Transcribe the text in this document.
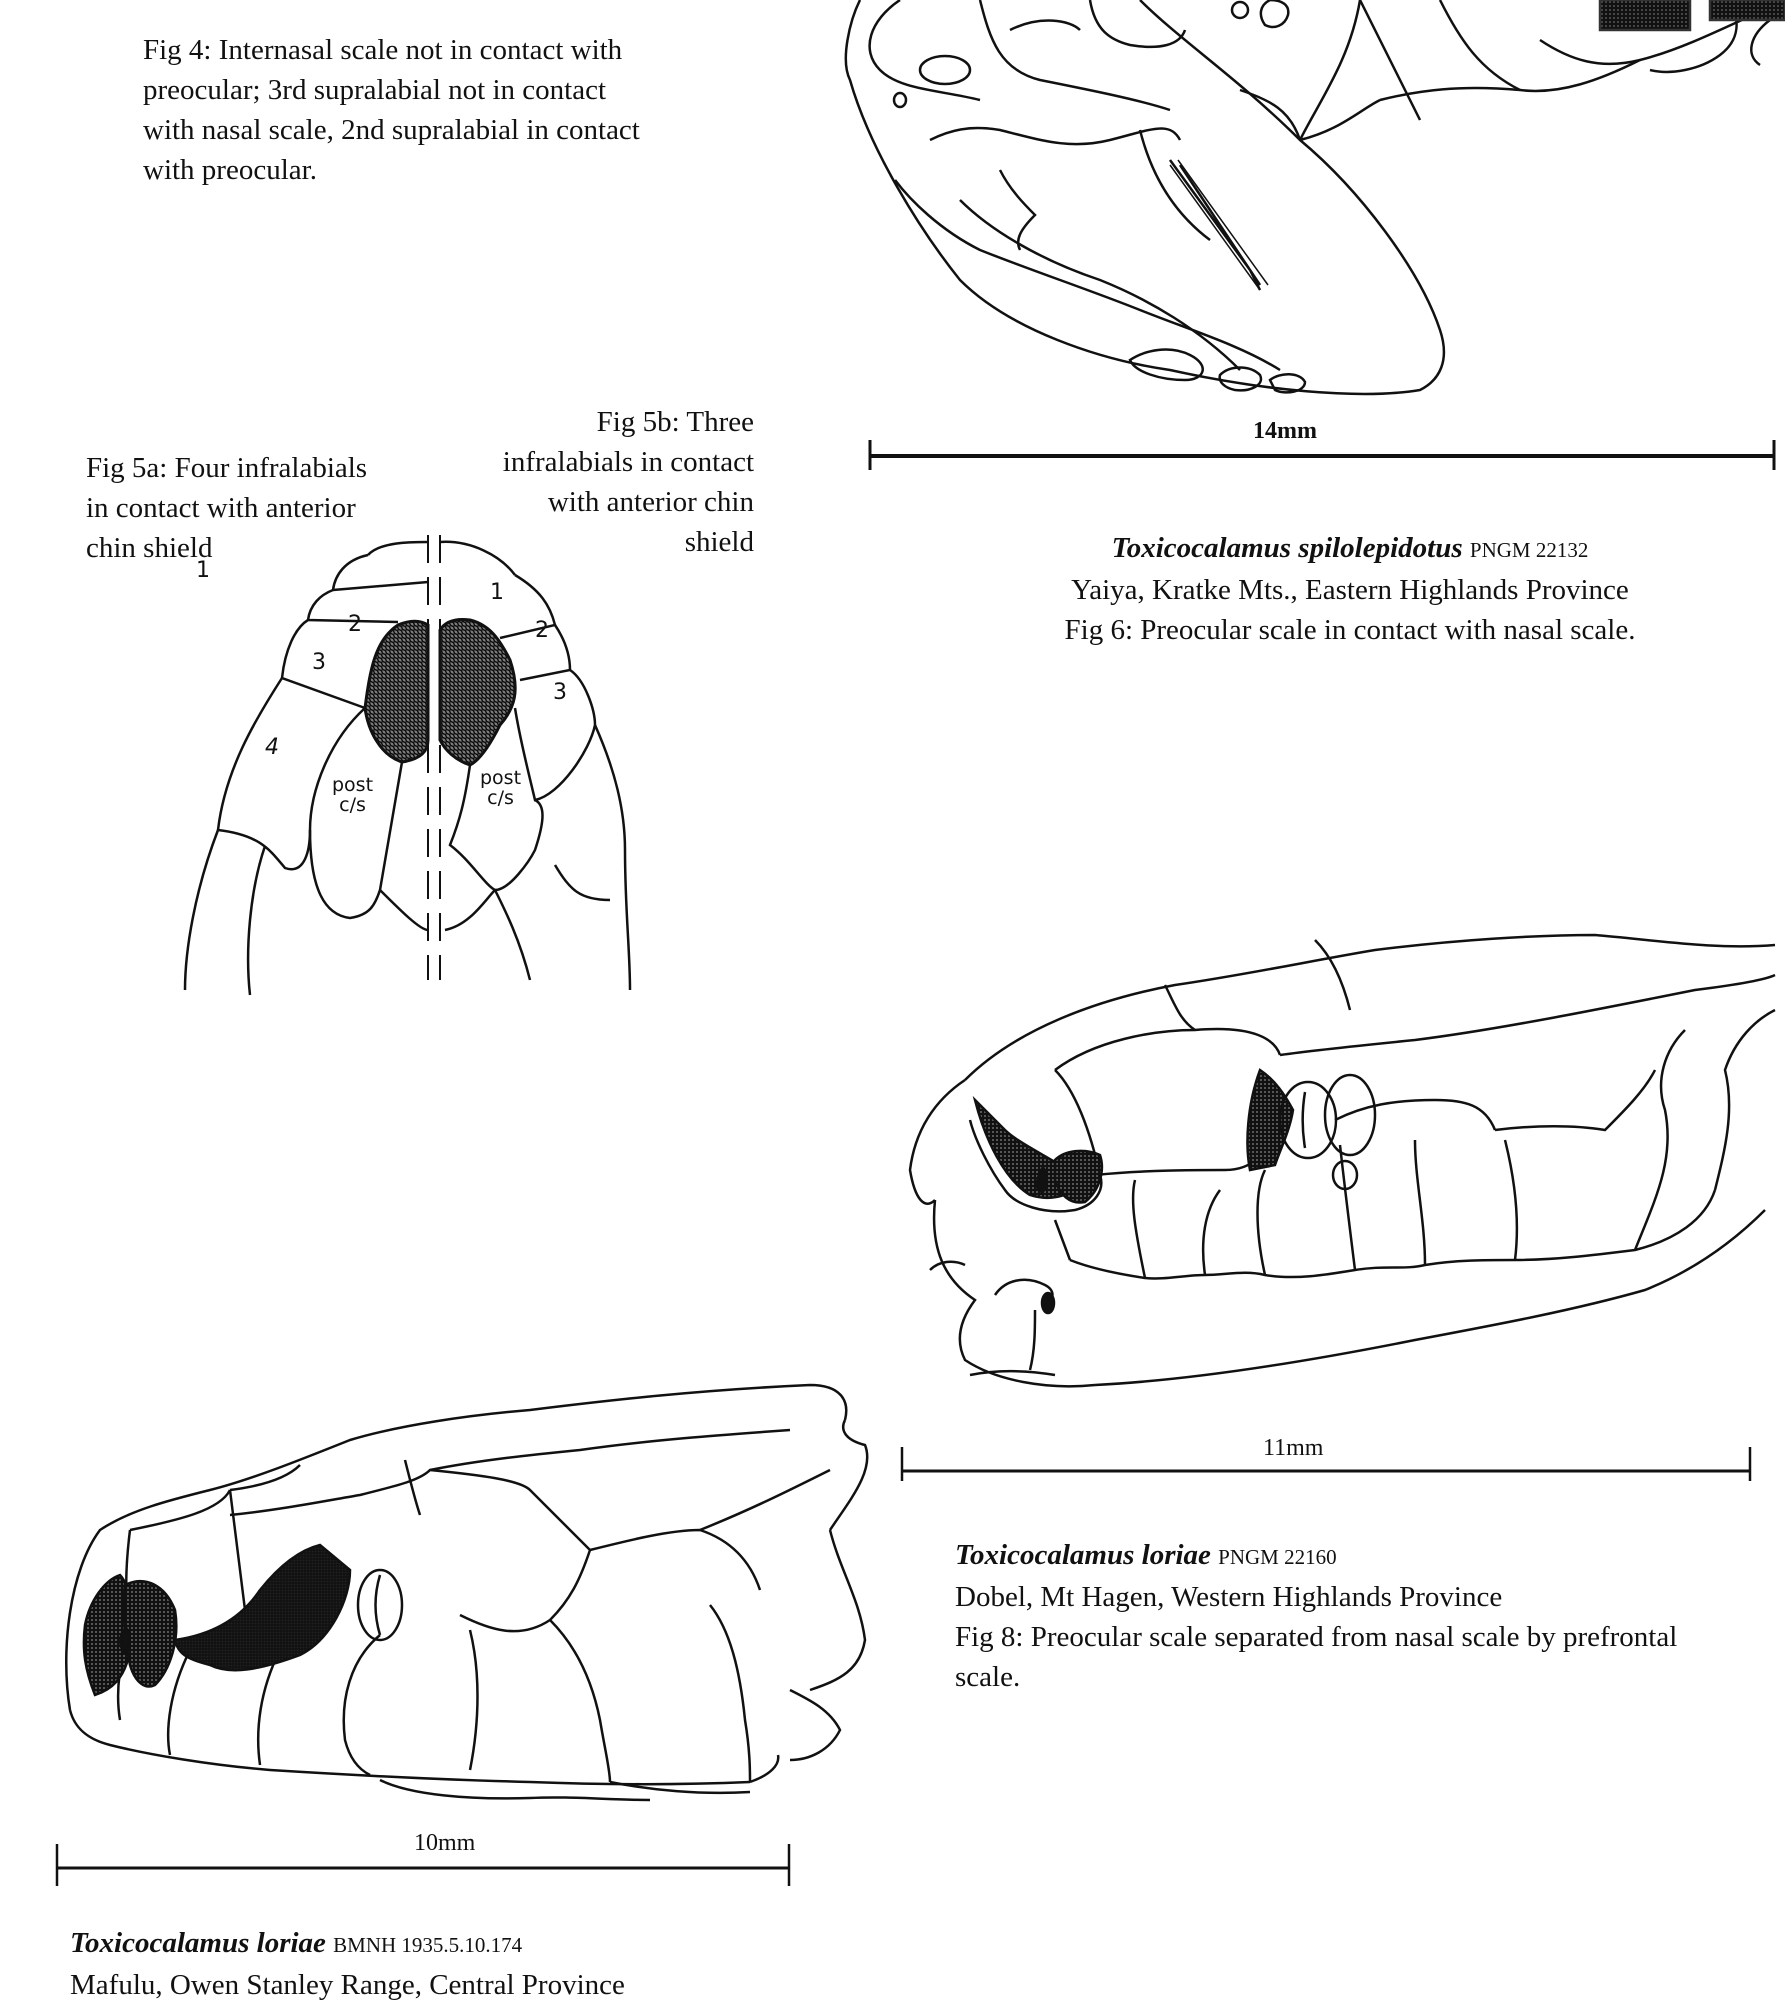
Fig 4: Internasal scale not in contact with
preocular; 3rd supralabial not in contact
with nasal scale, 2nd supralabial in contact
with preocular.
Fig 5a: Four infralabials
in contact with anterior
chin shield
Fig 5b: Three
infralabials in contact
with anterior chin
shield
1
2
3
4
1
2
3
post
c/s
post
c/s
14mm
Toxicocalamus spilolepidotus PNGM 22132
Yaiya, Kratke Mts., Eastern Highlands Province
Fig 6: Preocular scale in contact with nasal scale.
11mm
Toxicocalamus loriae PNGM 22160
Dobel, Mt Hagen, Western Highlands Province
Fig 8: Preocular scale separated from nasal scale by prefrontal
scale.
10mm
Toxicocalamus loriae BMNH 1935.5.10.174
Mafulu, Owen Stanley Range, Central Province
